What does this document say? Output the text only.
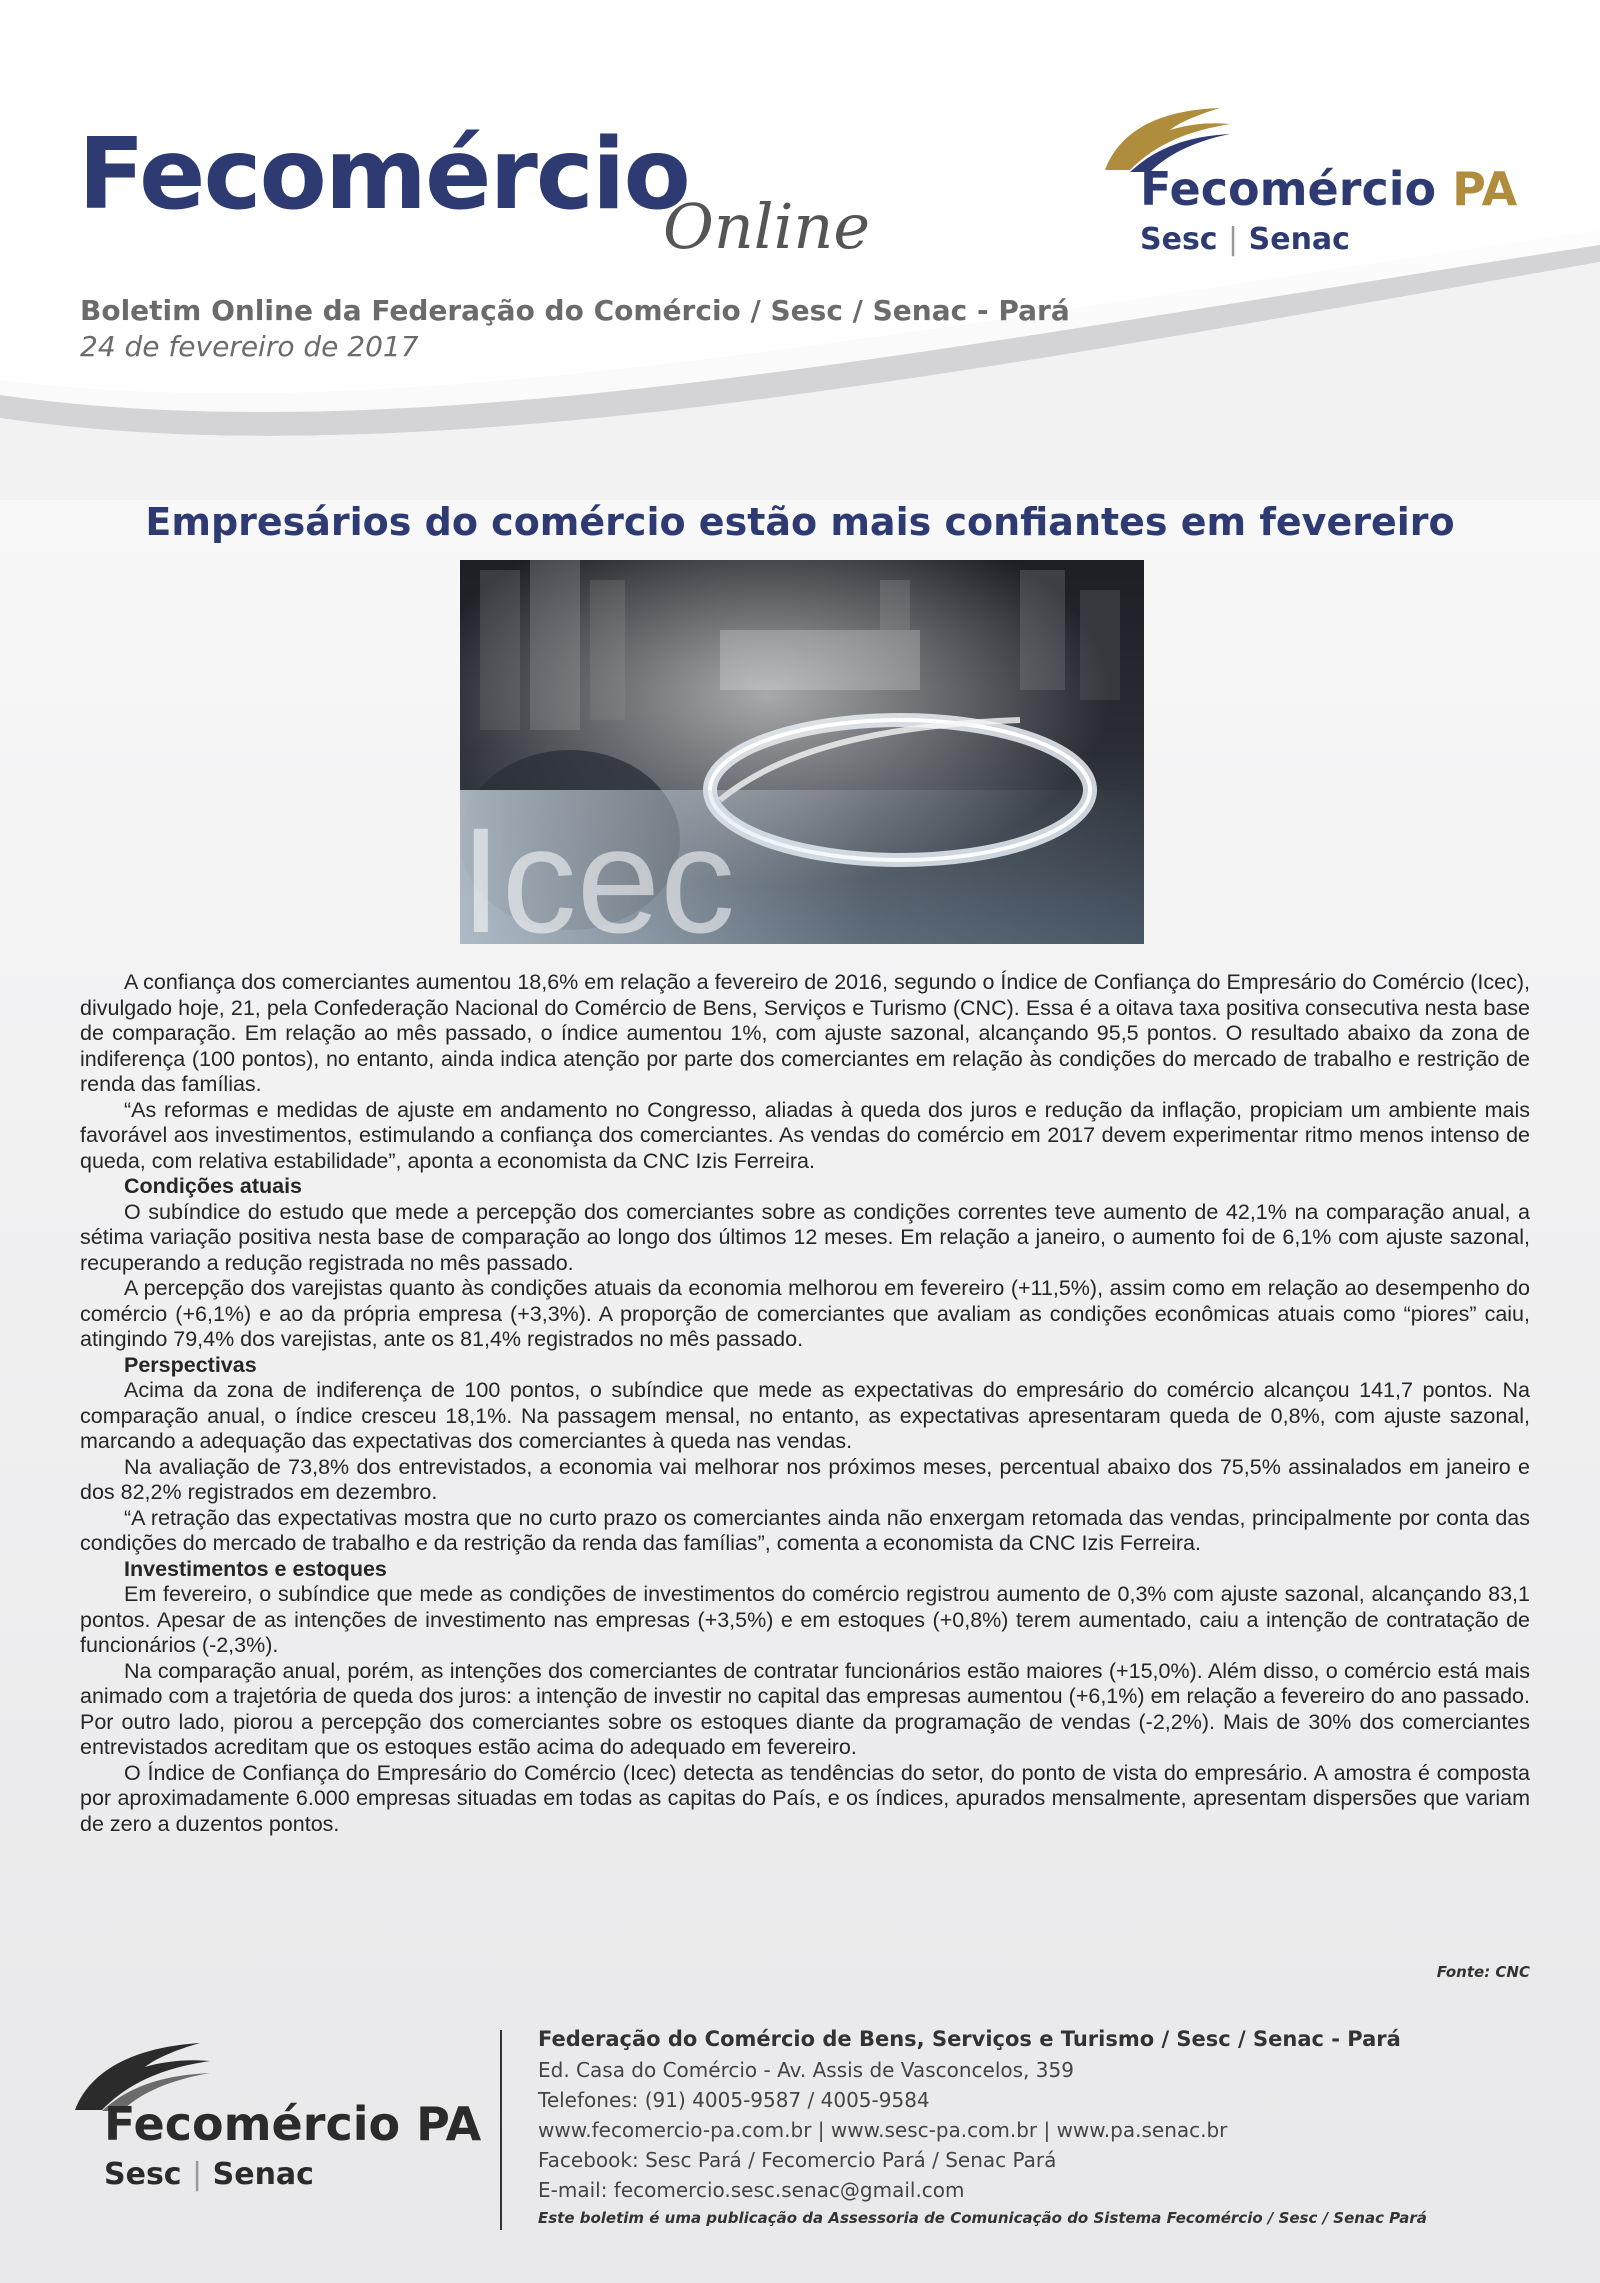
Fecomércio
Online
Boletim Online da Federação do Comércio / Sesc / Senac - Pará
24 de fevereiro de 2017
Fecomércio PA
Sesc | Senac
Empresários do comércio estão mais confiantes em fevereiro
Icec

A confiança dos comerciantes aumentou 18,6% em relação a fevereiro de 2016, segundo o Índice de Confiança do Empresário do Comércio (Icec), divulgado hoje, 21, pela Confederação Nacional do Comércio de Bens, Serviços e Turismo (CNC). Essa é a oitava taxa positiva consecutiva nesta base de comparação. Em relação ao mês passado, o índice aumentou 1%, com ajuste sazonal, alcançando 95,5 pontos. O resultado abaixo da zona de indiferença (100 pontos), no entanto, ainda indica atenção por parte dos comerciantes em relação às condições do mercado de trabalho e restrição de renda das famílias.

“As reformas e medidas de ajuste em andamento no Congresso, aliadas à queda dos juros e redução da inflação, propiciam um ambiente mais favorável aos investimentos, estimulando a confiança dos comerciantes. As vendas do comércio em 2017 devem experimentar ritmo menos intenso de queda, com relativa estabilidade”, aponta a economista da CNC Izis Ferreira.

Condições atuais

O subíndice do estudo que mede a percepção dos comerciantes sobre as condições correntes teve aumento de 42,1% na comparação anual, a sétima variação positiva nesta base de comparação ao longo dos últimos 12 meses. Em relação a janeiro, o aumento foi de 6,1% com ajuste sazonal, recuperando a redução registrada no mês passado.

A percepção dos varejistas quanto às condições atuais da economia melhorou em fevereiro (+11,5%), assim como em relação ao desempenho do comércio (+6,1%) e ao da própria empresa (+3,3%). A proporção de comerciantes que avaliam as condições econômicas atuais como “piores” caiu, atingindo 79,4% dos varejistas, ante os 81,4% registrados no mês passado.

Perspectivas

Acima da zona de indiferença de 100 pontos, o subíndice que mede as expectativas do empresário do comércio alcançou 141,7 pontos. Na comparação anual, o índice cresceu 18,1%. Na passagem mensal, no entanto, as expectativas apresentaram queda de 0,8%, com ajuste sazonal, marcando a adequação das expectativas dos comerciantes à queda nas vendas.

Na avaliação de 73,8% dos entrevistados, a economia vai melhorar nos próximos meses, percentual abaixo dos 75,5% assinalados em janeiro e dos 82,2% registrados em dezembro.

“A retração das expectativas mostra que no curto prazo os comerciantes ainda não enxergam retomada das vendas, principalmente por conta das condições do mercado de trabalho e da restrição da renda das famílias”, comenta a economista da CNC Izis Ferreira.

Investimentos e estoques

Em fevereiro, o subíndice que mede as condições de investimentos do comércio registrou aumento de 0,3% com ajuste sazonal, alcançando 83,1 pontos. Apesar de as intenções de investimento nas empresas (+3,5%) e em estoques (+0,8%) terem aumentado, caiu a intenção de contratação de funcionários (-2,3%).

Na comparação anual, porém, as intenções dos comerciantes de contratar funcionários estão maiores (+15,0%). Além disso, o comércio está mais animado com a trajetória de queda dos juros: a intenção de investir no capital das empresas aumentou (+6,1%) em relação a fevereiro do ano passado. Por outro lado, piorou a percepção dos comerciantes sobre os estoques diante da programação de vendas (-2,2%). Mais de 30% dos comerciantes entrevistados acreditam que os estoques estão acima do adequado em fevereiro.

O Índice de Confiança do Empresário do Comércio (Icec) detecta as tendências do setor, do ponto de vista do empresário. A amostra é composta por aproximadamente 6.000 empresas situadas em todas as capitas do País, e os índices, apurados mensalmente, apresentam dispersões que variam de zero a duzentos pontos.

Fonte: CNC
Fecomércio PA
Sesc | Senac
Federação do Comércio de Bens, Serviços e Turismo / Sesc / Senac - Pará
Ed. Casa do Comércio - Av. Assis de Vasconcelos, 359
Telefones: (91) 4005-9587 / 4005-9584
www.fecomercio-pa.com.br | www.sesc-pa.com.br | www.pa.senac.br
Facebook: Sesc Pará / Fecomercio Pará / Senac Pará
E-mail: fecomercio.sesc.senac@gmail.com
Este boletim é uma publicação da Assessoria de Comunicação do Sistema Fecomércio / Sesc / Senac Pará
